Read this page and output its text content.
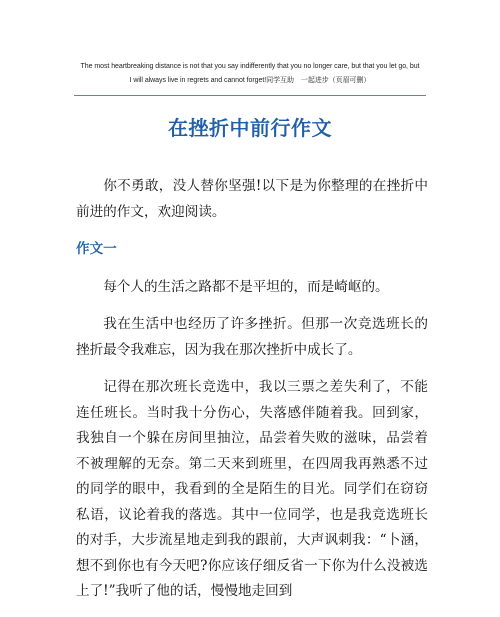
The most heartbreaking distance is not that you say indifferently that you no longer care, but that you let go, but
I will always live in regrets and cannot forget!同学互助　一起进步（页眉可删）
在挫折中前行作文

你不勇敢，没人替你坚强!以下是为你整理的在挫折中前进的作文，欢迎阅读。

作文一

每个人的生活之路都不是平坦的，而是崎岖的。

我在生活中也经历了许多挫折。但那一次竞选班长的挫折最令我难忘，因为我在那次挫折中成长了。

记得在那次班长竞选中，我以三票之差失利了，不能连任班长。当时我十分伤心，失落感伴随着我。回到家，我独自一个躲在房间里抽泣，品尝着失败的滋味，品尝着不被理解的无奈。第二天来到班里，在四周我再熟悉不过的同学的眼中，我看到的全是陌生的目光。同学们在窃窃私语，议论着我的落选。其中一位同学，也是我竞选班长的对手，大步流星地走到我的跟前，大声讽刺我：“卜涵，想不到你也有今天吧?你应该仔细反省一下你为什么没被选上了!”我听了他的话，慢慢地走回到
